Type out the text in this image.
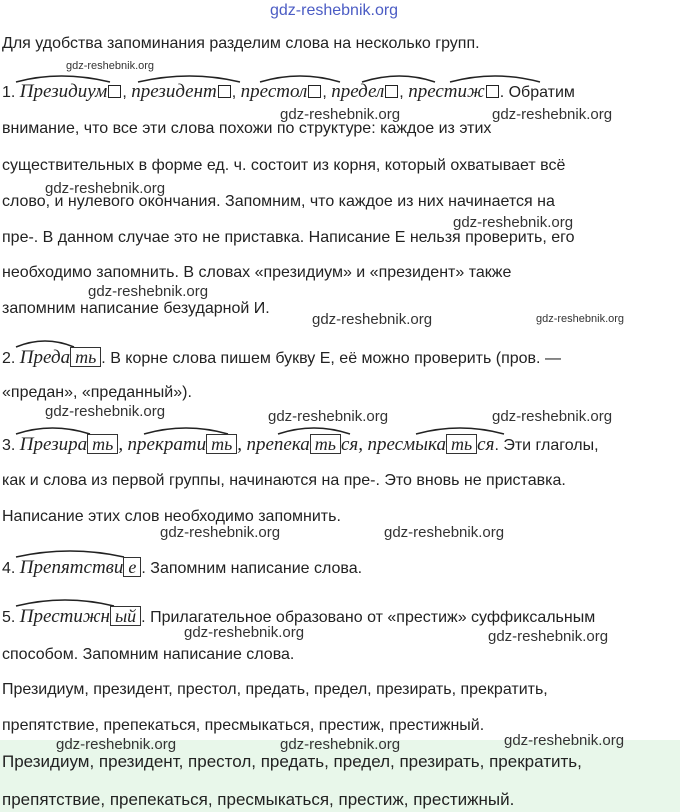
gdz-reshebnik.org
Для удобства запоминания разделим слова на несколько групп.
1. Президиум , президент , престол , предел , престиж . Обратим
внимание, что все эти слова похожи по структуре: каждое из этих
существительных в форме ед. ч. состоит из корня, который охватывает всё
слово, и нулевого окончания. Запомним, что каждое из них начинается на
пре-. В данном случае это не приставка. Написание Е нельзя проверить, его
необходимо запомнить. В словах «президиум» и «президент» также
запомним написание безударной И.
2. Преда ть . В корне слова пишем букву Е, её можно проверить (пров. —
«предан», «преданный»).
3. Презира ть , прекрати ть , препека ть ся, пресмыка ть ся. Эти глаголы,
как и слова из первой группы, начинаются на пре-. Это вновь не приставка.
Написание этих слов необходимо запомнить.
4. Препятстви е . Запомним написание слова.
5. Престижн ый . Прилагательное образовано от «престиж» суффиксальным
способом. Запомним написание слова.
Президиум, президент, престол, предать, предел, презирать, прекратить,
препятствие, препекаться, пресмыкаться, престиж, престижный.
Президиум, президент, престол, предать, предел, презирать, прекратить,
препятствие, препекаться, пресмыкаться, престиж, престижный.
gdz-reshebnik.org
gdz-reshebnik.org	gdz-reshebnik.org
gdz-reshebnik.org
gdz-reshebnik.org
gdz-reshebnik.org
gdz-reshebnik.org	gdz-reshebnik.org
gdz-reshebnik.org	gdz-reshebnik.org	gdz-reshebnik.org
gdz-reshebnik.org	gdz-reshebnik.org
gdz-reshebnik.org	gdz-reshebnik.org
gdz-reshebnik.org	gdz-reshebnik.org	gdz-reshebnik.org
